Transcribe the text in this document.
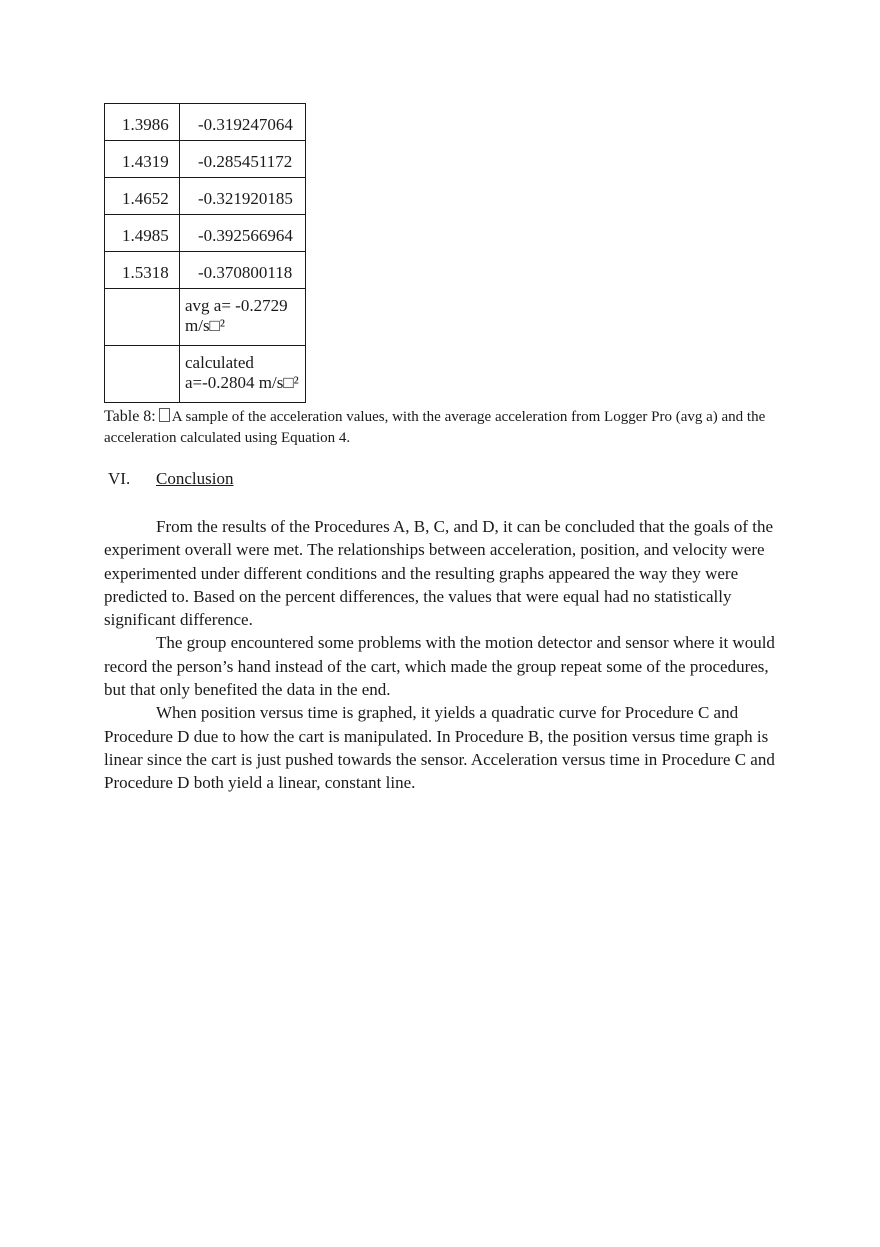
1.3986	-0.319247064

1.4319	-0.285451172

1.4652	-0.321920185

1.4985	-0.392566964

1.5318	-0.370800118

	avg a= -0.2729
m/s□²

	calculated
a=-0.2804 m/s□²
Table 8: A sample of the acceleration values, with the average acceleration from Logger Pro (avg a) and the acceleration calculated using Equation 4.
VI. Conclusion

From the results of the Procedures A, B, C, and D, it can be concluded that the goals of the experiment overall were met. The relationships between acceleration, position, and velocity were experimented under different conditions and the resulting graphs appeared the way they were predicted to. Based on the percent differences, the values that were equal had no statistically significant difference.

The group encountered some problems with the motion detector and sensor where it would record the person’s hand instead of the cart, which made the group repeat some of the procedures, but that only benefited the data in the end.

When position versus time is graphed, it yields a quadratic curve for Procedure C and Procedure D due to how the cart is manipulated. In Procedure B, the position versus time graph is linear since the cart is just pushed towards the sensor. Acceleration versus time in Procedure C and Procedure D both yield a linear, constant line.
